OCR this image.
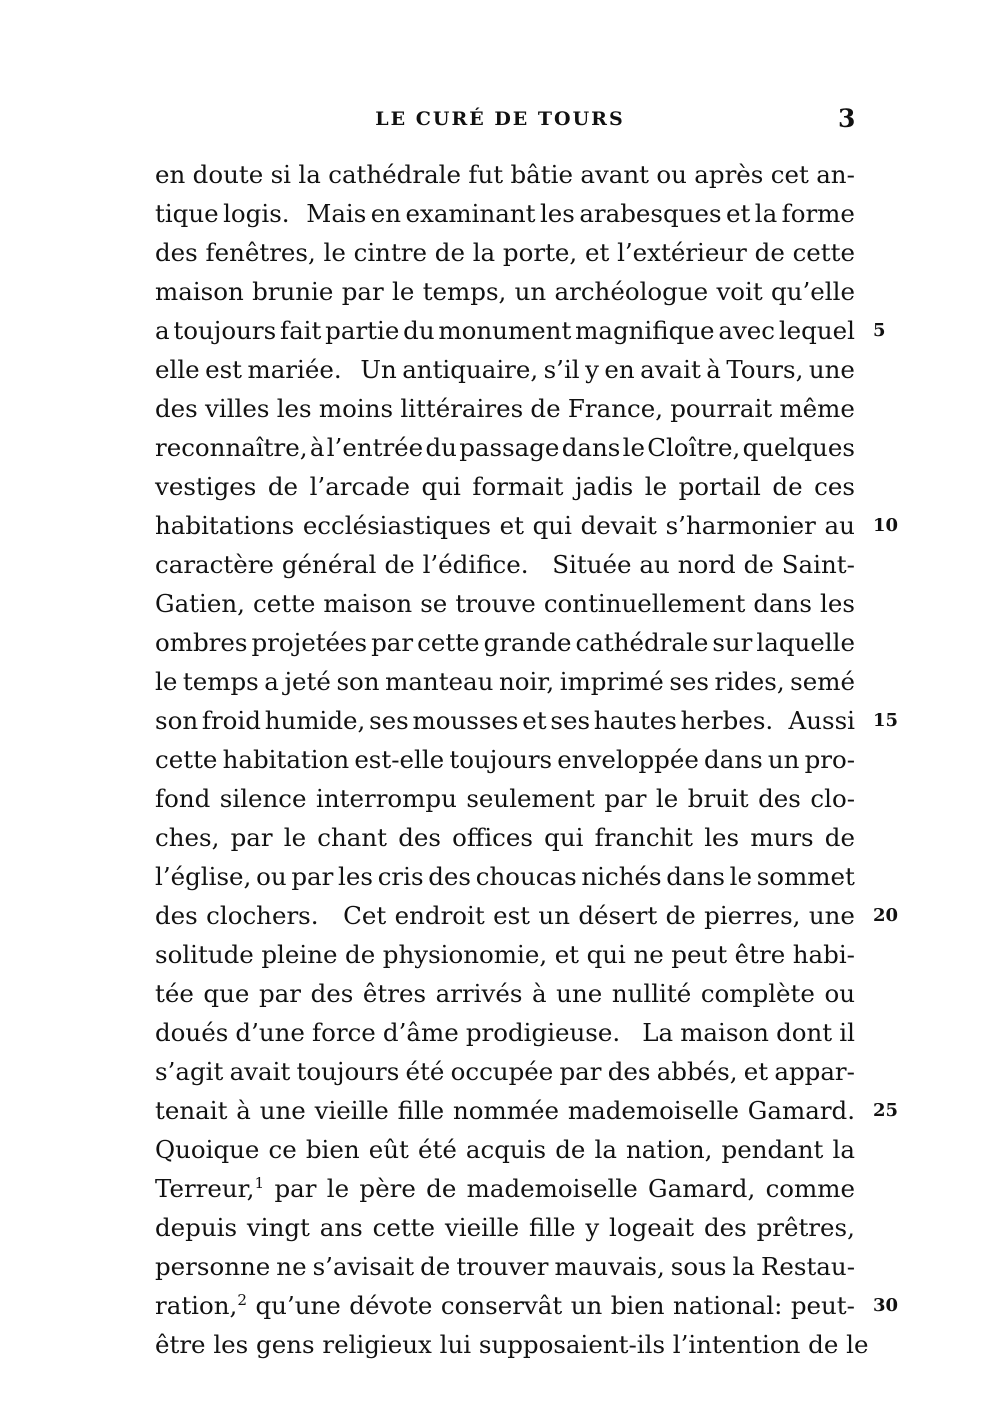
LE CURÉ DE TOURS	3
en doute si la cathédrale fut bâtie avant ou après cet an-
tique logis.
Mais en examinant les arabesques et la forme
des fenêtres, le cintre de la porte, et l’extérieur de cette
maison brunie par le temps, un archéologue voit qu’elle
a toujours fait partie du monument magnifique avec lequel 5
elle est mariée.
Un antiquaire, s’il y en avait à Tours, une
des villes les moins littéraires de France, pourrait même
reconnaître, à l’entrée du passage dans le Cloître, quelques
vestiges de l’arcade qui formait jadis le portail de ces
habitations ecclésiastiques et qui devait s’harmonier au 10
caractère général de l’édifice.
Située au nord de Saint-
Gatien, cette maison se trouve continuellement dans les
ombres projetées par cette grande cathédrale sur laquelle
le temps a jeté son manteau noir, imprimé ses rides, semé
son froid humide, ses mousses et ses hautes herbes.
Aussi 15
cette habitation est-elle toujours enveloppée dans un pro-
fond silence interrompu seulement par le bruit des clo-
ches, par le chant des offices qui franchit les murs de
l’église, ou par les cris des choucas nichés dans le sommet
des clochers.
Cet endroit est un désert de pierres, une 20
solitude pleine de physionomie, et qui ne peut être habi-
tée que par des êtres arrivés à une nullité complète ou
doués d’une force d’âme prodigieuse.
La maison dont il
s’agit avait toujours été occupée par des abbés, et appar-
tenait à une vieille fille nommée mademoiselle Gamard. 25
Quoique ce bien eût été acquis de la nation, pendant la
Terreur,$^1$ par le père de mademoiselle Gamard, comme
depuis vingt ans cette vieille fille y logeait des prêtres,
personne ne s’avisait de trouver mauvais, sous la Restau-
ration,$^2$ qu’une dévote conservât un bien national: peut- 30
être les gens religieux lui supposaient-ils l’intention de le
